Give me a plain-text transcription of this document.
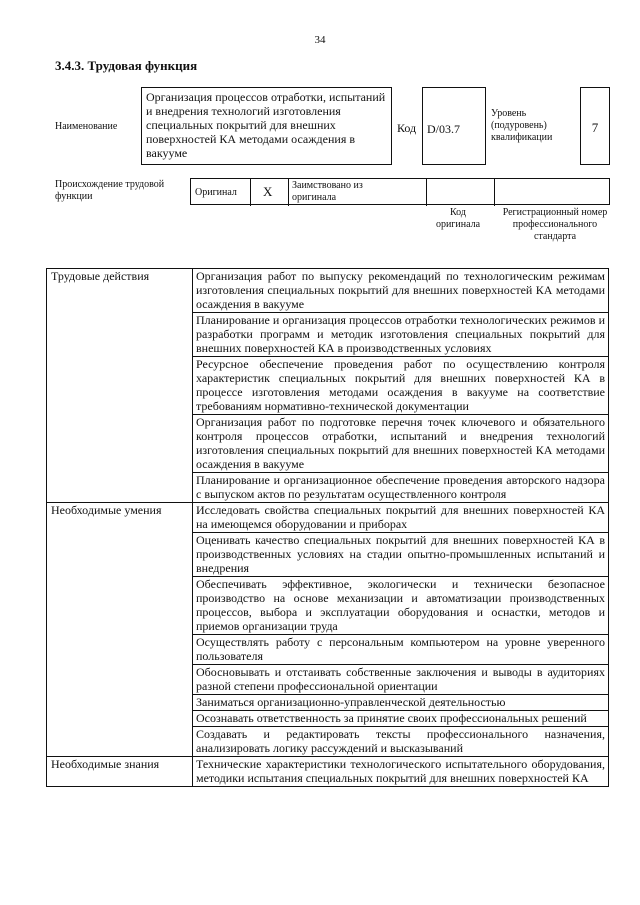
34
3.4.3. Трудовая функция
Наименование
Организация процессов отработки, испытаний и внедрения технологий изготовления специальных покрытий для внешних поверхностей КА методами осаждения в вакууме
Код D/03.7
Уровень (подуровень) квалификации
7
Происхождение трудовой функции	Оригинал X Заимствовано из оригинала
Код оригинала
Регистрационный номер профессионального стандарта
Трудовые действия	Организация работ по выпуску рекомендаций по технологическим режимам изготовления специальных покрытий для внешних поверхностей КА методами осаждения в вакууме
	Планирование и организация процессов отработки технологических режимов и разработки программ и методик изготовления специальных покрытий для внешних поверхностей КА в производственных условиях
	Ресурсное обеспечение проведения работ по осуществлению контроля характеристик специальных покрытий для внешних поверхностей КА в процессе изготовления методами осаждения в вакууме на соответствие требованиям нормативно-технической документации
	Организация работ по подготовке перечня точек ключевого и обязательного контроля процессов отработки, испытаний и внедрения технологий изготовления специальных покрытий для внешних поверхностей КА методами осаждения в вакууме
	Планирование и организационное обеспечение проведения авторского надзора с выпуском актов по результатам осуществленного контроля
Необходимые умения	Исследовать свойства специальных покрытий для внешних поверхностей КА на имеющемся оборудовании и приборах
	Оценивать качество специальных покрытий для внешних поверхностей КА в производственных условиях на стадии опытно-промышленных испытаний и внедрения
	Обеспечивать эффективное, экологически и технически безопасное производство на основе механизации и автоматизации производственных процессов, выбора и эксплуатации оборудования и оснастки, методов и приемов организации труда
	Осуществлять работу с персональным компьютером на уровне уверенного пользователя
	Обосновывать и отстаивать собственные заключения и выводы в аудиториях разной степени профессиональной ориентации
	Заниматься организационно-управленческой деятельностью
	Осознавать ответственность за принятие своих профессиональных решений
	Создавать и редактировать тексты профессионального назначения, анализировать логику рассуждений и высказываний
Необходимые знания	Технические характеристики технологического испытательного оборудования, методики испытания специальных покрытий для внешних поверхностей КА
